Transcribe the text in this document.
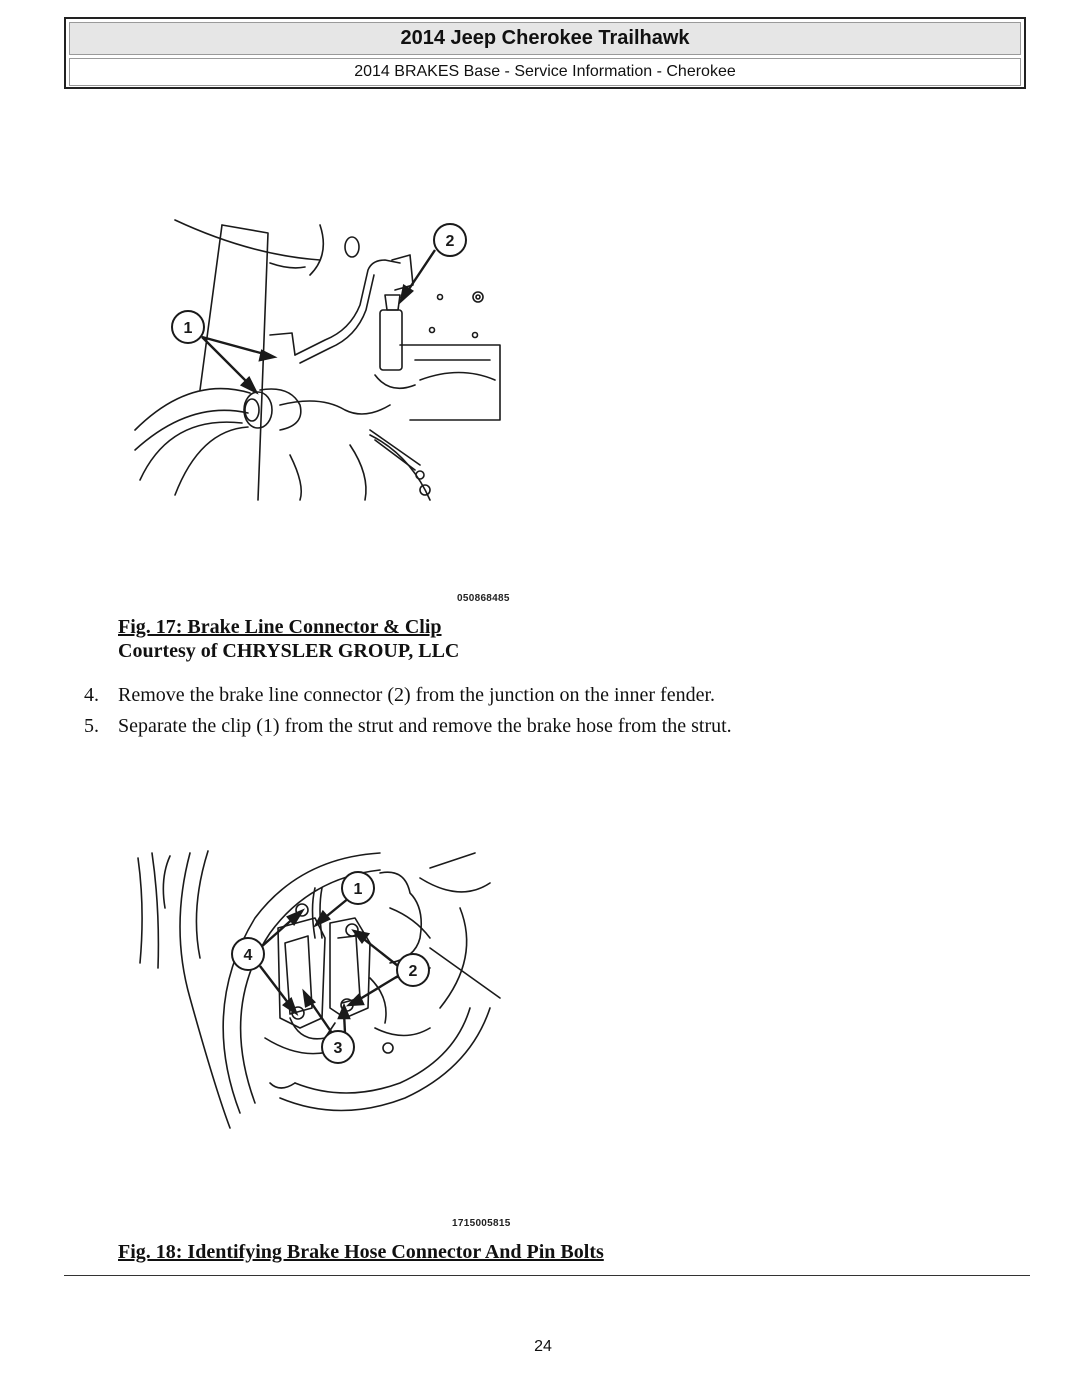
2014 Jeep Cherokee Trailhawk
2014 BRAKES Base - Service Information - Cherokee
1
2
050868485
Fig. 17: Brake Line Connector & Clip
Courtesy of CHRYSLER GROUP, LLC
4. Remove the brake line connector (2) from the junction on the inner fender.
5. Separate the clip (1) from the strut and remove the brake hose from the strut.
1
2
3
4
1715005815
Fig. 18: Identifying Brake Hose Connector And Pin Bolts
24
